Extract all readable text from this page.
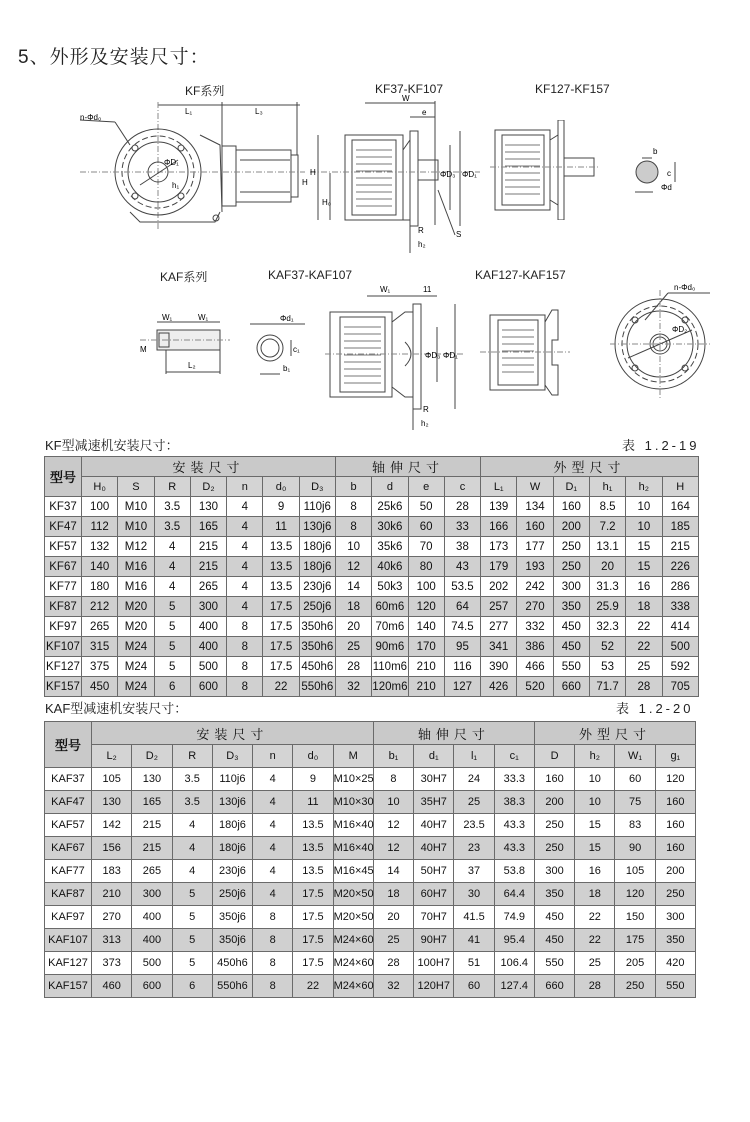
5、外形及安装尺寸：
KF系列	KF37-KF107	KF127-KF157
KAF系列	KAF37-KAF107	KAF127-KAF157
n-Φd₀
L₁	L₃
ΦD₁
h₁	H
W
e
H
H₀
ΦD₃ ΦD₁
R
h₂
S
b
c
Φd
W₁	W₁
M
L₂
Φd₁
c₁
b₁
W₁	11
ΦD₃ ΦD₁
R
h₂
n-Φd₀
ΦD₂
KF型减速机安装尺寸：	表 1.2-19
型号	安装尺寸							轴伸尺寸				外型尺寸					
	H₀	S	R	D₂	n	d₀	D₃	b	d	e	c	L₁	W	D₁	h₁	h₂	H
KF37	100	M10	3.5	130	4	9	110j6	8	25k6	50	28	139	134	160	8.5	10	164
KF47	112	M10	3.5	165	4	11	130j6	8	30k6	60	33	166	160	200	7.2	10	185
KF57	132	M12	4	215	4	13.5	180j6	10	35k6	70	38	173	177	250	13.1	15	215
KF67	140	M16	4	215	4	13.5	180j6	12	40k6	80	43	179	193	250	20	15	226
KF77	180	M16	4	265	4	13.5	230j6	14	50k3	100	53.5	202	242	300	31.3	16	286
KF87	212	M20	5	300	4	17.5	250j6	18	60m6	120	64	257	270	350	25.9	18	338
KF97	265	M20	5	400	8	17.5	350h6	20	70m6	140	74.5	277	332	450	32.3	22	414
KF107	315	M24	5	400	8	17.5	350h6	25	90m6	170	95	341	386	450	52	22	500
KF127	375	M24	5	500	8	17.5	450h6	28	110m6	210	116	390	466	550	53	25	592
KF157	450	M24	6	600	8	22	550h6	32	120m6	210	127	426	520	660	71.7	28	705
KAF型减速机安装尺寸：	表 1.2-20
型号	安装尺寸							轴伸尺寸				外型尺寸			
	L₂	D₂	R	D₃	n	d₀	M	b₁	d₁	l₁	c₁	D	h₂	W₁	g₁
KAF37	105	130	3.5	110j6	4	9	M10×25	8	30H7	24	33.3	160	10	60	120
KAF47	130	165	3.5	130j6	4	11	M10×30	10	35H7	25	38.3	200	10	75	160
KAF57	142	215	4	180j6	4	13.5	M16×40	12	40H7	23.5	43.3	250	15	83	160
KAF67	156	215	4	180j6	4	13.5	M16×40	12	40H7	23	43.3	250	15	90	160
KAF77	183	265	4	230j6	4	13.5	M16×45	14	50H7	37	53.8	300	16	105	200
KAF87	210	300	5	250j6	4	17.5	M20×50	18	60H7	30	64.4	350	18	120	250
KAF97	270	400	5	350j6	8	17.5	M20×50	20	70H7	41.5	74.9	450	22	150	300
KAF107	313	400	5	350j6	8	17.5	M24×60	25	90H7	41	95.4	450	22	175	350
KAF127	373	500	5	450h6	8	17.5	M24×60	28	100H7	51	106.4	550	25	205	420
KAF157	460	600	6	550h6	8	22	M24×60	32	120H7	60	127.4	660	28	250	550
